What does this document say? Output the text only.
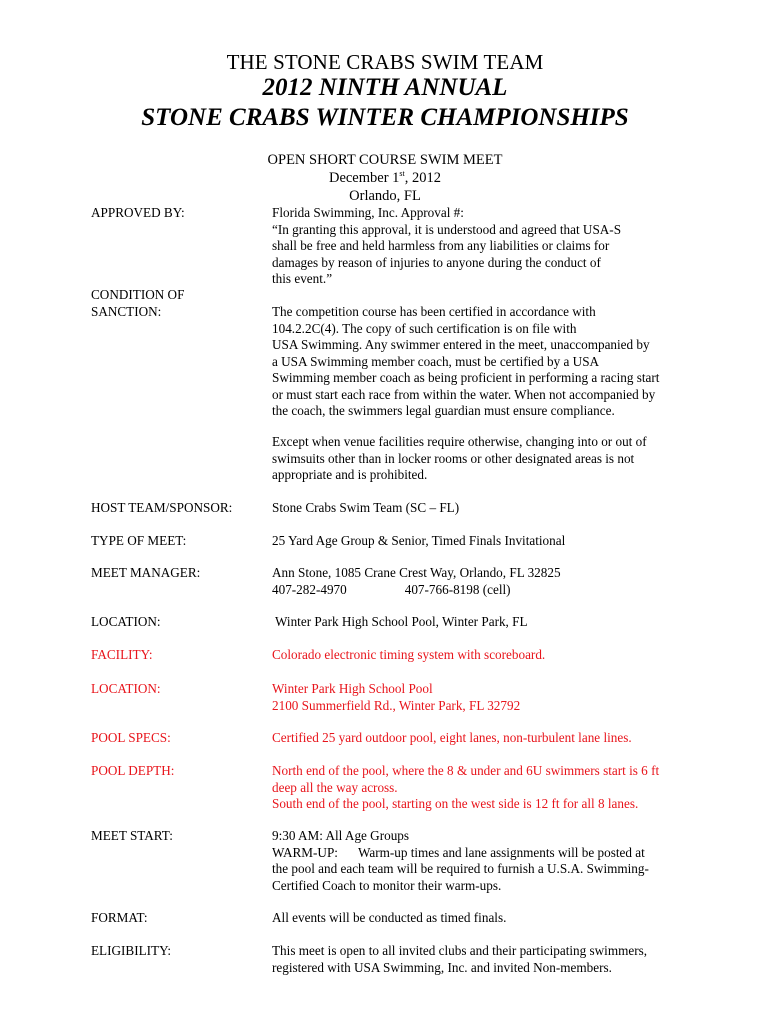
THE STONE CRABS SWIM TEAM
2012 NINTH ANNUAL
STONE CRABS WINTER CHAMPIONSHIPS
OPEN SHORT COURSE SWIM MEET
December 1st, 2012
Orlando, FL
APPROVED BY:	Florida Swimming, Inc. Approval #:
“In granting this approval, it is understood and agreed that USA-S
shall be free and held harmless from any liabilities or claims for
damages by reason of injuries to anyone during the conduct of
this event.”
CONDITION OF
SANCTION:	The competition course has been certified in accordance with
104.2.2C(4). The copy of such certification is on file with
USA Swimming. Any swimmer entered in the meet, unaccompanied by
a USA Swimming member coach, must be certified by a USA
Swimming member coach as being proficient in performing a racing start
or must start each race from within the water. When not accompanied by
the coach, the swimmers legal guardian must ensure compliance.
Except when venue facilities require otherwise, changing into or out of
swimsuits other than in locker rooms or other designated areas is not
appropriate and is prohibited.
HOST TEAM/SPONSOR:	Stone Crabs Swim Team (SC – FL)
TYPE OF MEET:	25 Yard Age Group & Senior, Timed Finals Invitational
MEET MANAGER:	Ann Stone, 1085 Crane Crest Way, Orlando, FL 32825
407-282-4970	407-766-8198 (cell)
LOCATION:	Winter Park High School Pool, Winter Park, FL
FACILITY:	Colorado electronic timing system with scoreboard.
LOCATION:	Winter Park High School Pool
2100 Summerfield Rd., Winter Park, FL 32792
POOL SPECS:	Certified 25 yard outdoor pool, eight lanes, non-turbulent lane lines.
POOL DEPTH:	North end of the pool, where the 8 & under and 6U swimmers start is 6 ft
deep all the way across.
South end of the pool, starting on the west side is 12 ft for all 8 lanes.
MEET START:	9:30 AM: All Age Groups
WARM-UP: Warm-up times and lane assignments will be posted at
the pool and each team will be required to furnish a U.S.A. Swimming-
Certified Coach to monitor their warm-ups.
FORMAT:	All events will be conducted as timed finals.
ELIGIBILITY:	This meet is open to all invited clubs and their participating swimmers,
registered with USA Swimming, Inc. and invited Non-members.
